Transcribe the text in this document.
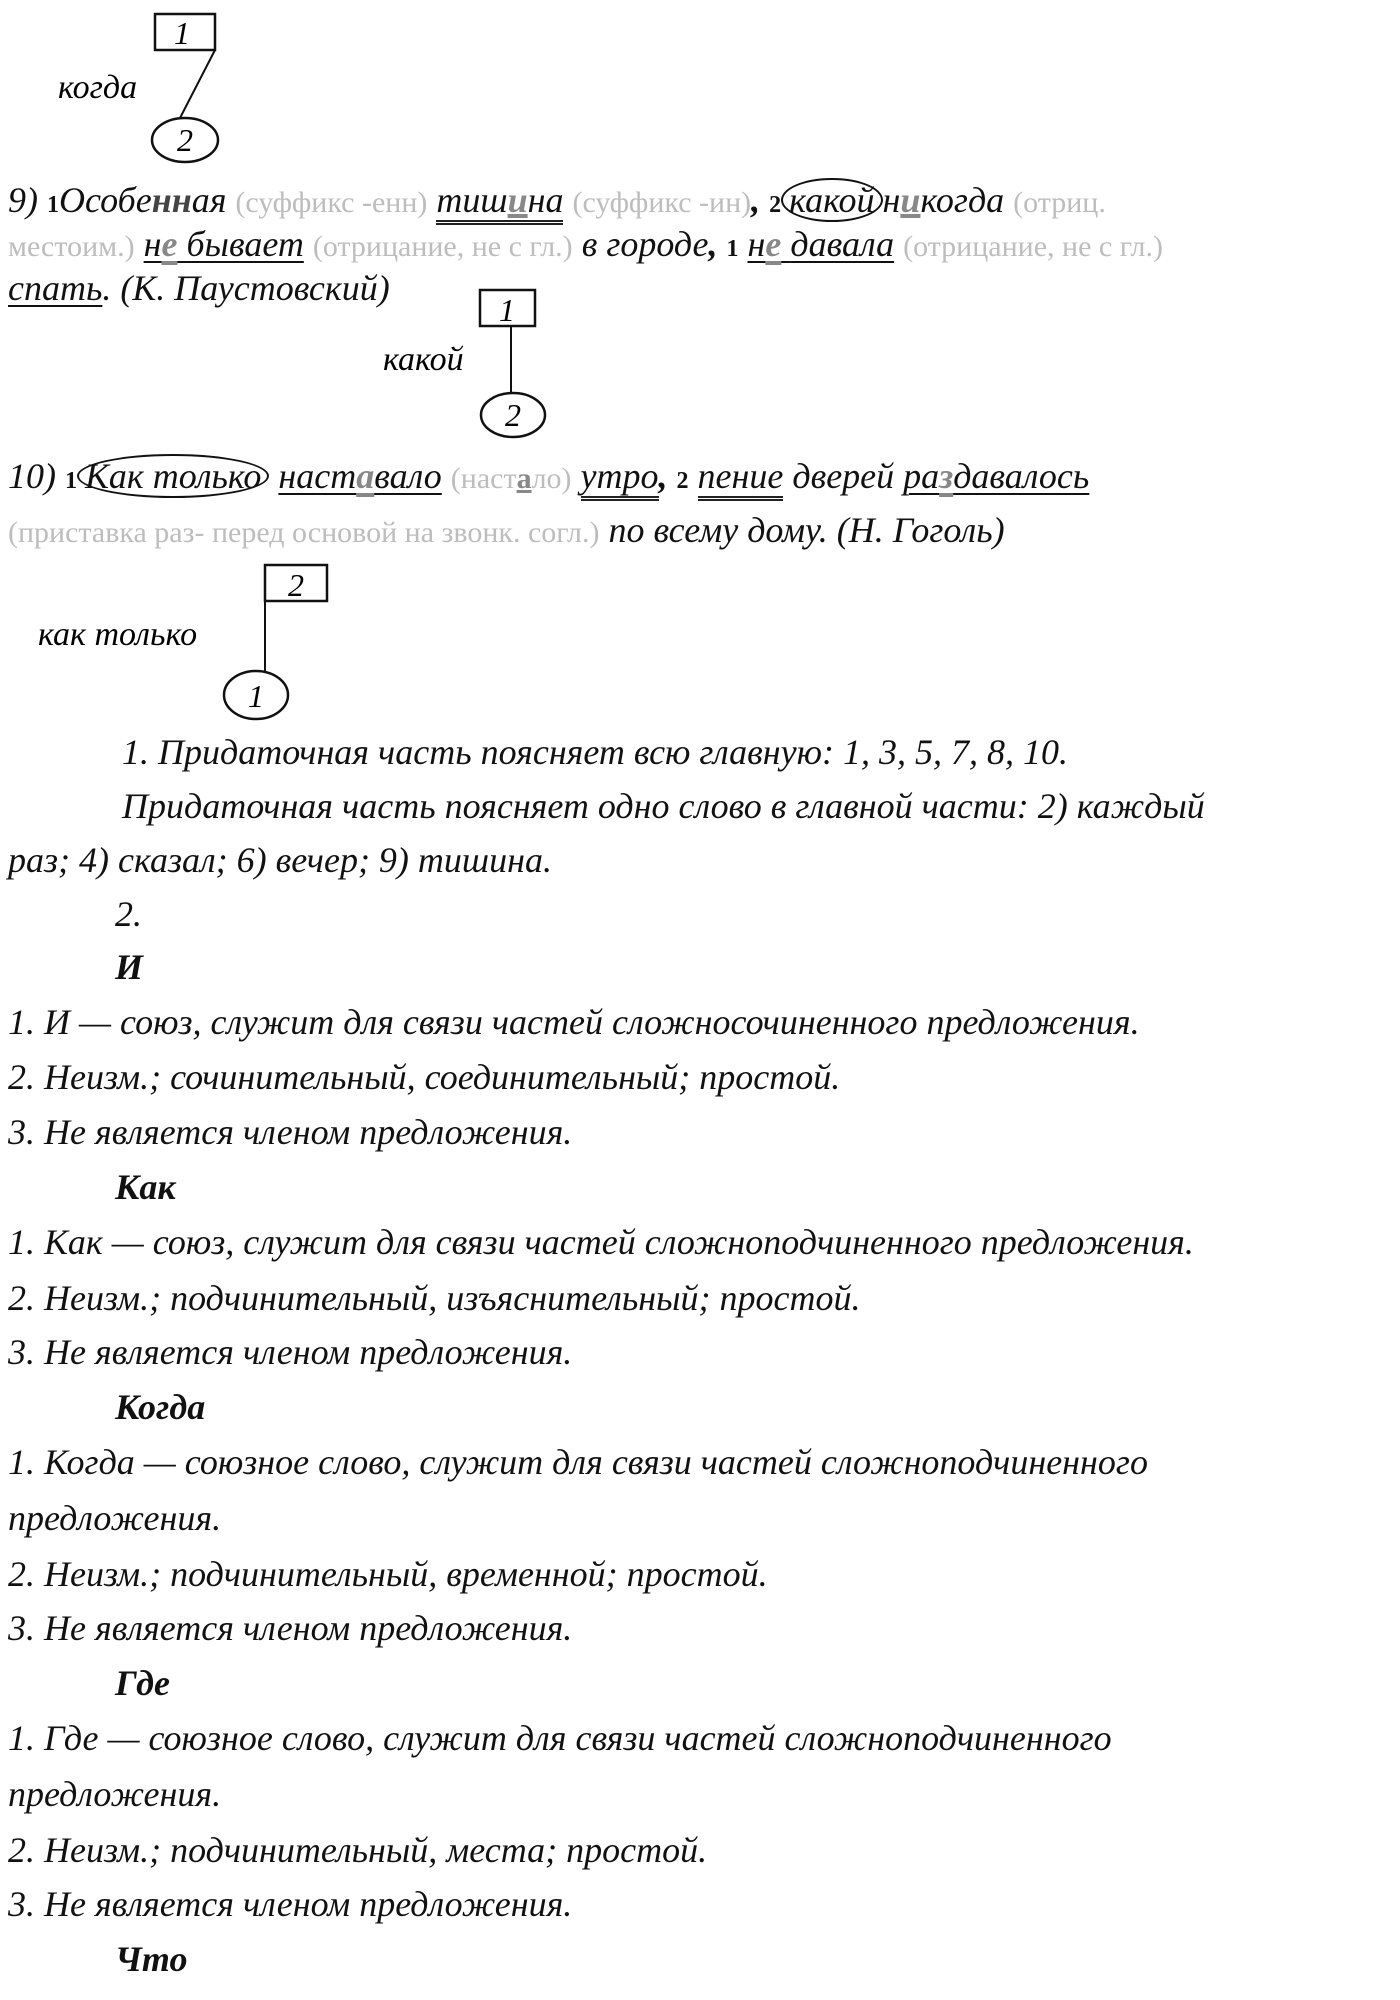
1
2
когда
9) 1Особенная (суффикс -енн) тишина (суффикс -ин), 2 какой никогда (отриц.
местоим.) не бывает (отрицание, не с гл.) в городе, 1 не давала (отрицание, не с гл.)
спать. (К. Паустовский)
1
2
какой
10) 1 Как только наставало (настало) утро, 2 пение дверей раздавалось
(приставка раз- перед основой на звонк. согл.) по всему дому. (Н. Гоголь)
2
1
как только
1. Придаточная часть поясняет всю главную: 1, 3, 5, 7, 8, 10.
Придаточная часть поясняет одно слово в главной части: 2) каждый
раз; 4) сказал; 6) вечер; 9) тишина.
2.
И
1. И — союз, служит для связи частей сложносочиненного предложения.
2. Неизм.; сочинительный, соединительный; простой.
3. Не является членом предложения.
Как
1. Как — союз, служит для связи частей сложноподчиненного предложения.
2. Неизм.; подчинительный, изъяснительный; простой.
3. Не является членом предложения.
Когда
1. Когда — союзное слово, служит для связи частей сложноподчиненного
предложения.
2. Неизм.; подчинительный, временной; простой.
3. Не является членом предложения.
Где
1. Где — союзное слово, служит для связи частей сложноподчиненного
предложения.
2. Неизм.; подчинительный, места; простой.
3. Не является членом предложения.
Что
